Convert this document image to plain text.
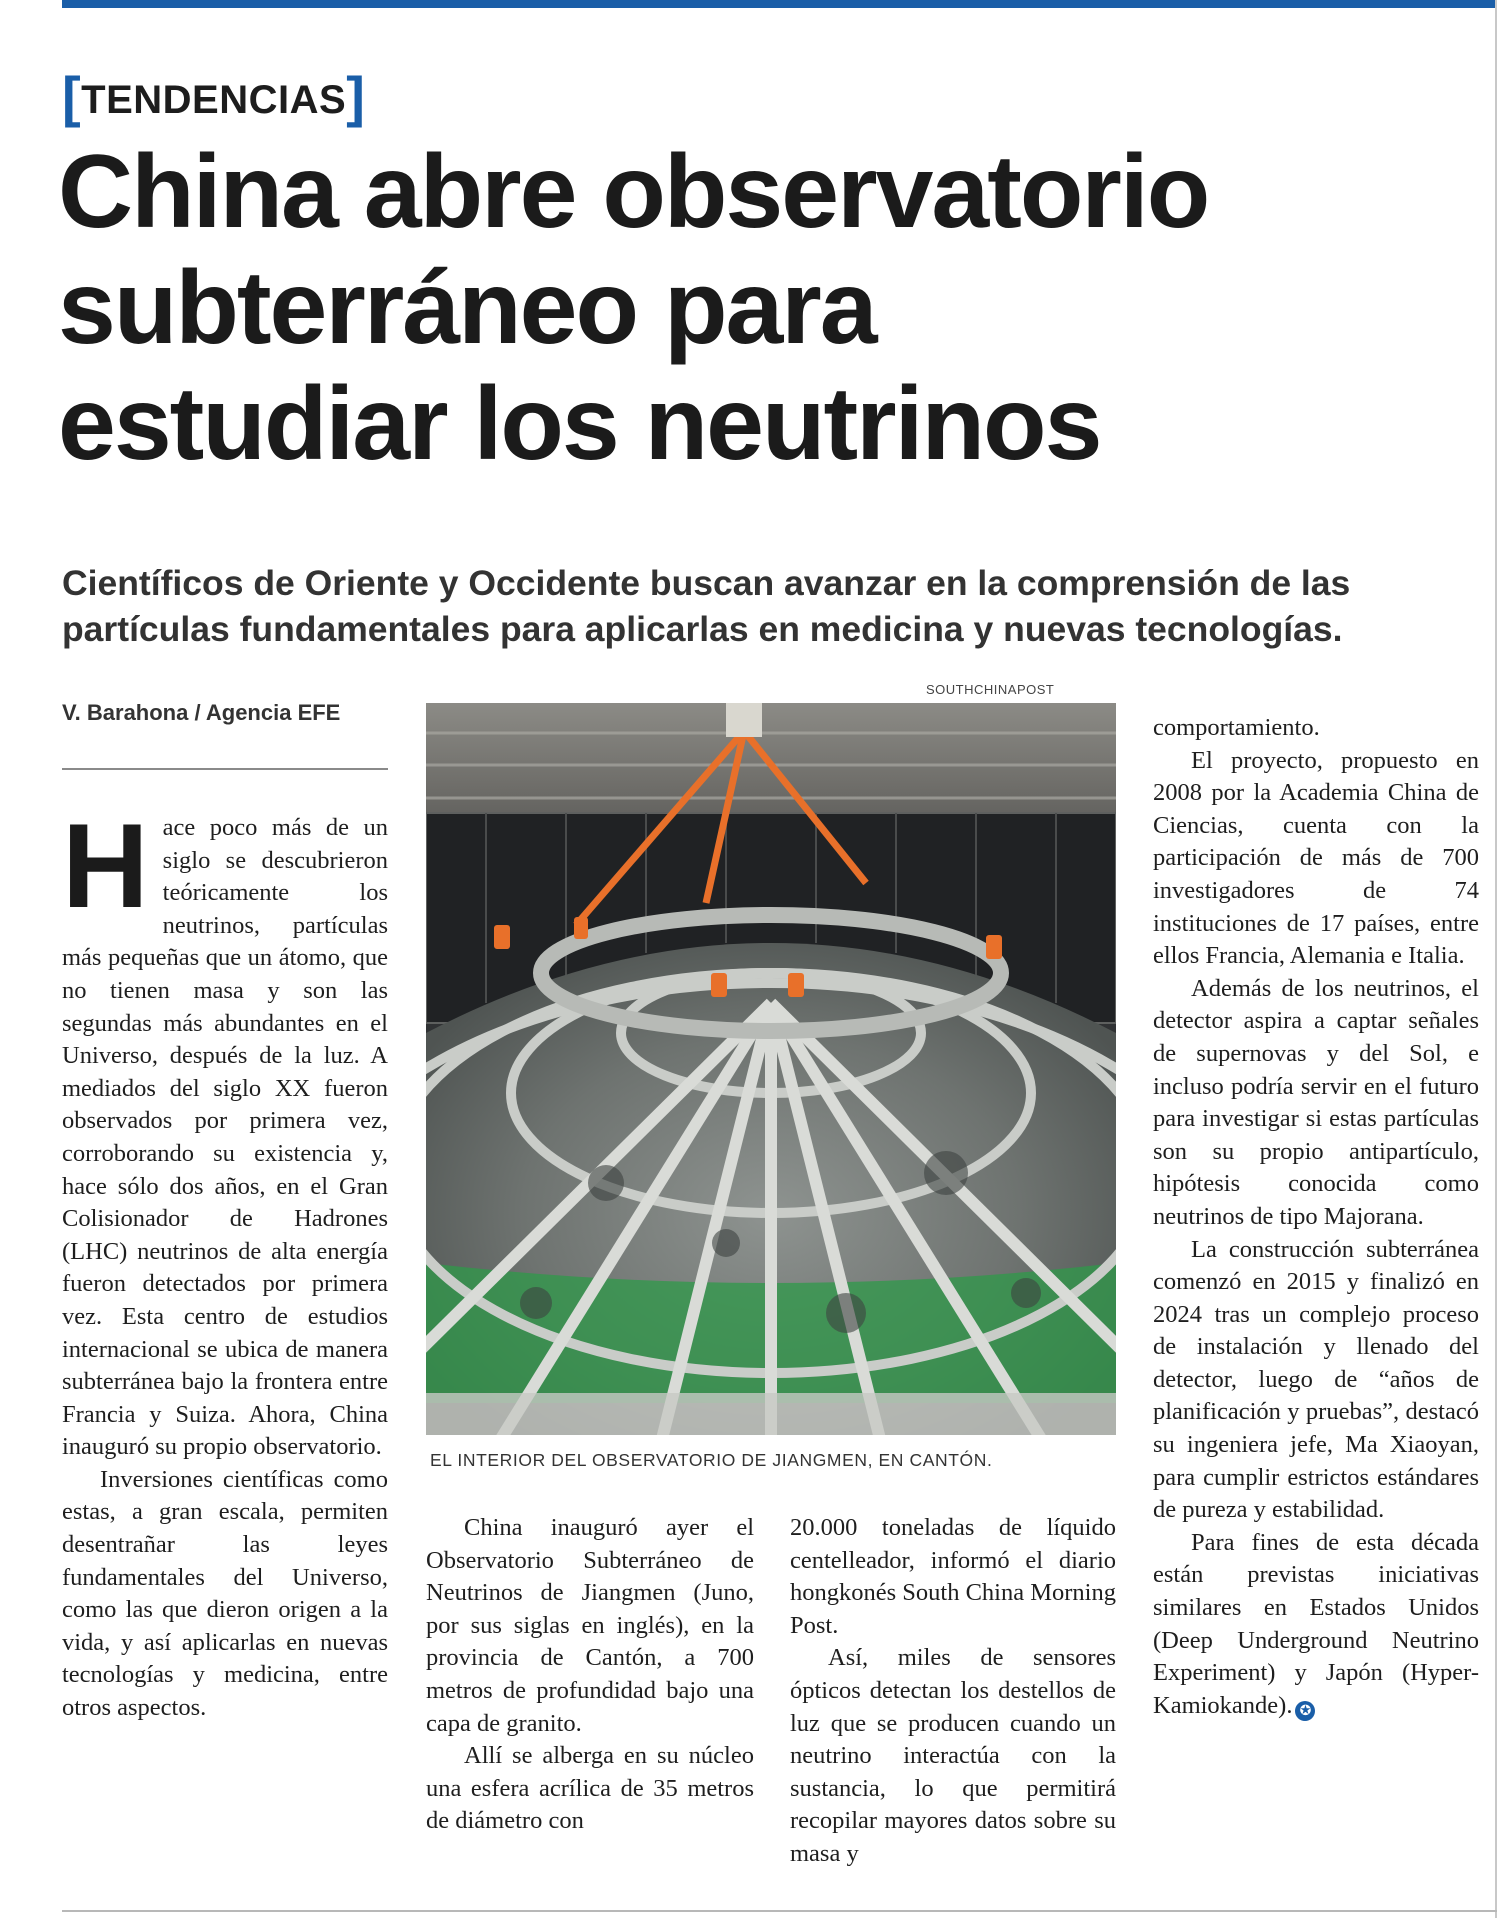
[ TENDENCIAS ]
China abre observatorio
subterráneo para
estudiar los neutrinos
Científicos de Oriente y Occidente buscan avanzar en la comprensión de las
partículas fundamentales para aplicarlas en medicina y nuevas tecnologías.
V. Barahona / Agencia EFE
SOUTHCHINAPOST
EL INTERIOR DEL OBSERVATORIO DE JIANGMEN, EN CANTÓN.
H ace poco más de un siglo se descubrieron teóricamente los neutrinos, partículas más pequeñas que un átomo, que no tienen masa y son las segundas más abundantes en el Universo, después de la luz. A mediados del siglo XX fueron observados por primera vez, corroborando su existencia y, hace sólo dos años, en el Gran Colisionador de Hadrones (LHC) neutrinos de alta energía fueron detectados por primera vez. Esta centro de estudios internacional se ubica de manera subterránea bajo la frontera entre Francia y Suiza. Ahora, China inauguró su propio observatorio.

Inversiones científicas como estas, a gran escala, permiten desentrañar las leyes fundamentales del Universo, como las que dieron origen a la vida, y así aplicarlas en nuevas tecnologías y medicina, entre otros aspectos.

China inauguró ayer el Observatorio Subterráneo de Neutrinos de Jiangmen (Juno, por sus siglas en inglés), en la provincia de Cantón, a 700 metros de profundidad bajo una capa de granito.

Allí se alberga en su núcleo una esfera acrílica de 35 metros de diámetro con

20.000 toneladas de líquido centelleador, informó el diario hongkonés South China Morning Post.

Así, miles de sensores ópticos detectan los destellos de luz que se producen cuando un neutrino interactúa con la sustancia, lo que permitirá recopilar mayores datos sobre su masa y

comportamiento.

El proyecto, propuesto en 2008 por la Academia China de Ciencias, cuenta con la participación de más de 700 investigadores de 74 instituciones de 17 países, entre ellos Francia, Alemania e Italia.

Además de los neutrinos, el detector aspira a captar señales de supernovas y del Sol, e incluso podría servir en el futuro para investigar si estas partículas son su propio antipartículo, hipótesis conocida como neutrinos de tipo Majorana.

La construcción subterránea comenzó en 2015 y finalizó en 2024 tras un complejo proceso de instalación y llenado del detector, luego de “años de planificación y pruebas”, destacó su ingeniera jefe, Ma Xiaoyan, para cumplir estrictos estándares de pureza y estabilidad.

Para fines de esta década están previstas iniciativas similares en Estados Unidos (Deep Underground Neutrino Experiment) y Japón (Hyper-Kamiokande). ✪
